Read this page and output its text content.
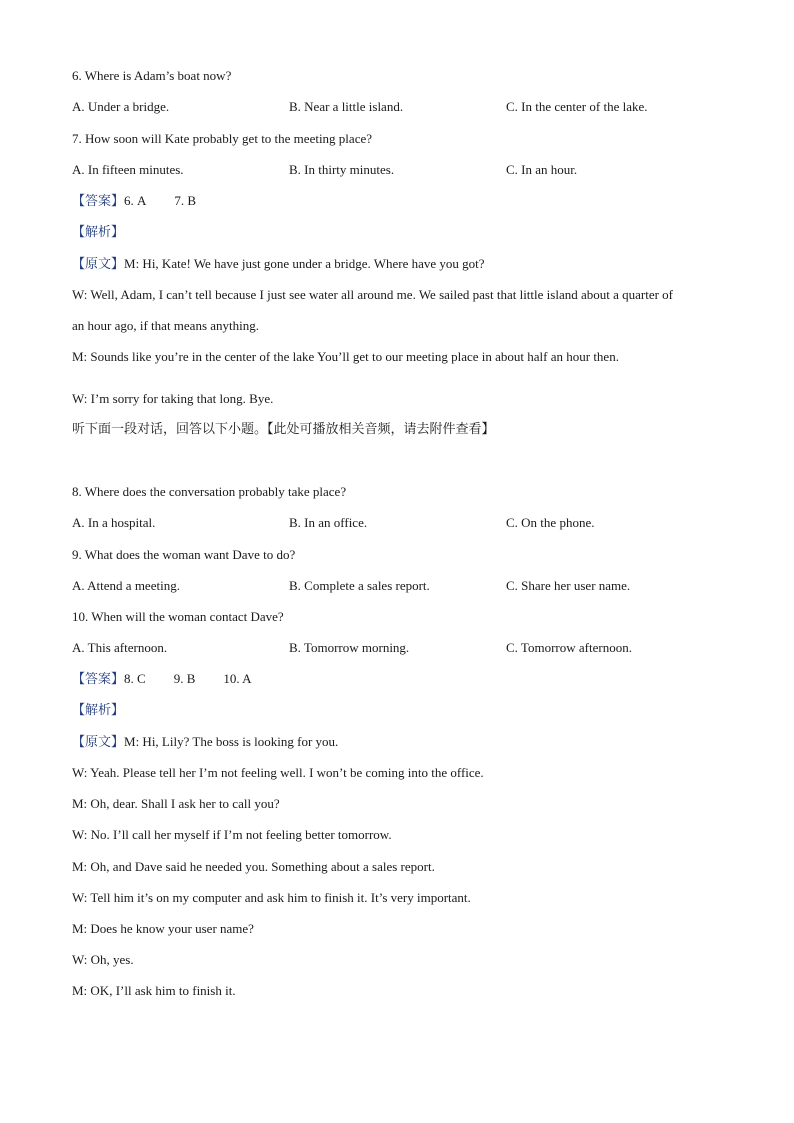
6. Where is Adam’s boat now?
A. Under a bridge.	B. Near a little island.	C. In the center of the lake.
7. How soon will Kate probably get to the meeting place?
A. In fifteen minutes.	B. In thirty minutes.	C. In an hour.
【答案】6. A 7. B
【解析】
【原文】M: Hi, Kate! We have just gone under a bridge. Where have you got?
W: Well, Adam, I can’t tell because I just see water all around me. We sailed past that little island about a quarter of
an hour ago, if that means anything.
M: Sounds like you’re in the center of the lake You’ll get to our meeting place in about half an hour then.
W: I’m sorry for taking that long. Bye.
听下面一段对话，回答以下小题。【此处可播放相关音频，请去附件查看】
8. Where does the conversation probably take place?
A. In a hospital.	B. In an office.	C. On the phone.
9. What does the woman want Dave to do?
A. Attend a meeting.	B. Complete a sales report.	C. Share her user name.
10. When will the woman contact Dave?
A. This afternoon.	B. Tomorrow morning.	C. Tomorrow afternoon.
【答案】8. C 9. B 10. A
【解析】
【原文】M: Hi, Lily? The boss is looking for you.
W: Yeah. Please tell her I’m not feeling well. I won’t be coming into the office.
M: Oh, dear. Shall I ask her to call you?
W: No. I’ll call her myself if I’m not feeling better tomorrow.
M: Oh, and Dave said he needed you. Something about a sales report.
W: Tell him it’s on my computer and ask him to finish it. It’s very important.
M: Does he know your user name?
W: Oh, yes.
M: OK, I’ll ask him to finish it.
